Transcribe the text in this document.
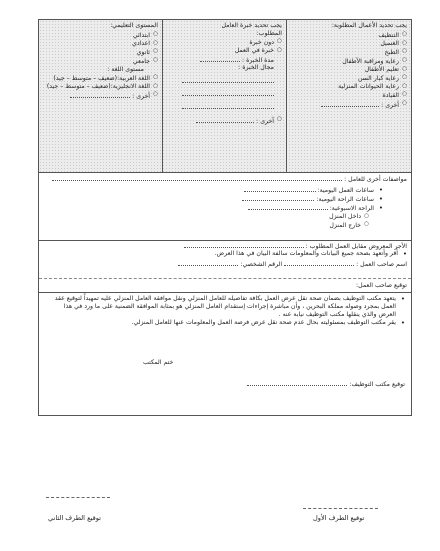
يجب تحديد الأعمال المطلوبة:
○ التنظيف
○ الغسيل
○ الطبخ
○ رعاية ومراقبة الأطفال
○ تعليم الأطفال
○ رعاية كبار السن
○ رعاية الحيوانات المنزلية
○ القيادة
○ أخرى :
يجب تحديد خبرة العامل
المطلوب:
○ دون خبرة
○ خبرة في العمل
مدة الخبرة :
مجال الخبرة :
○
أخرى :
المستوى التعليمي:
○ ابتدائي
○ اعدادي
○ ثانوي
○ جامعي
مستوى اللغة :
○ اللغة العربية:(ضعيف – متوسط – جيد)
○ اللغة الانجليزية:(ضعيف – متوسط – جيد)
○ أخرى :
مواصفات أخرى للعامل :
• ساعات العمل اليومية:
• ساعات الراحة اليومية:
• الراحة الاسبوعية:
○ داخل المنزل
○ خارج المنزل
الأجر المعروض مقابل العمل المطلوب :
• أقر وأتعهد بصحة جميع البيانات والمعلومات سالفة البيان في هذا العرض.
اسم صاحب العمل :  الرقم الشخصي:
توقيع صاحب العمل:
• يتعهد مكتب التوظيف بضمان صحة نقل عرض العمل بكافة تفاصيله للعامل المنزلي ونقل موافقة العامل المنزلي عليه تمهيداً لتوقيع عقد العمل بمجرد وصوله مملكة البحرين ، وأن مباشرة إجراءات إستقدام العامل المنزلي هو بمثابة الموافقة الضمنية على ما ورد في هذا العرض والذي ينقلها مكتب التوظيف نيابة عنه .
• يقر مكتب التوظيف بمسئوليته بحال عدم صحة نقل عرض فرصة العمل والمعلومات عنها للعامل المنزلي.
ختم المكتب
توقيع مكتب التوظيف:
توقيع الطرف الأول
توقيع الطرف الثاني
